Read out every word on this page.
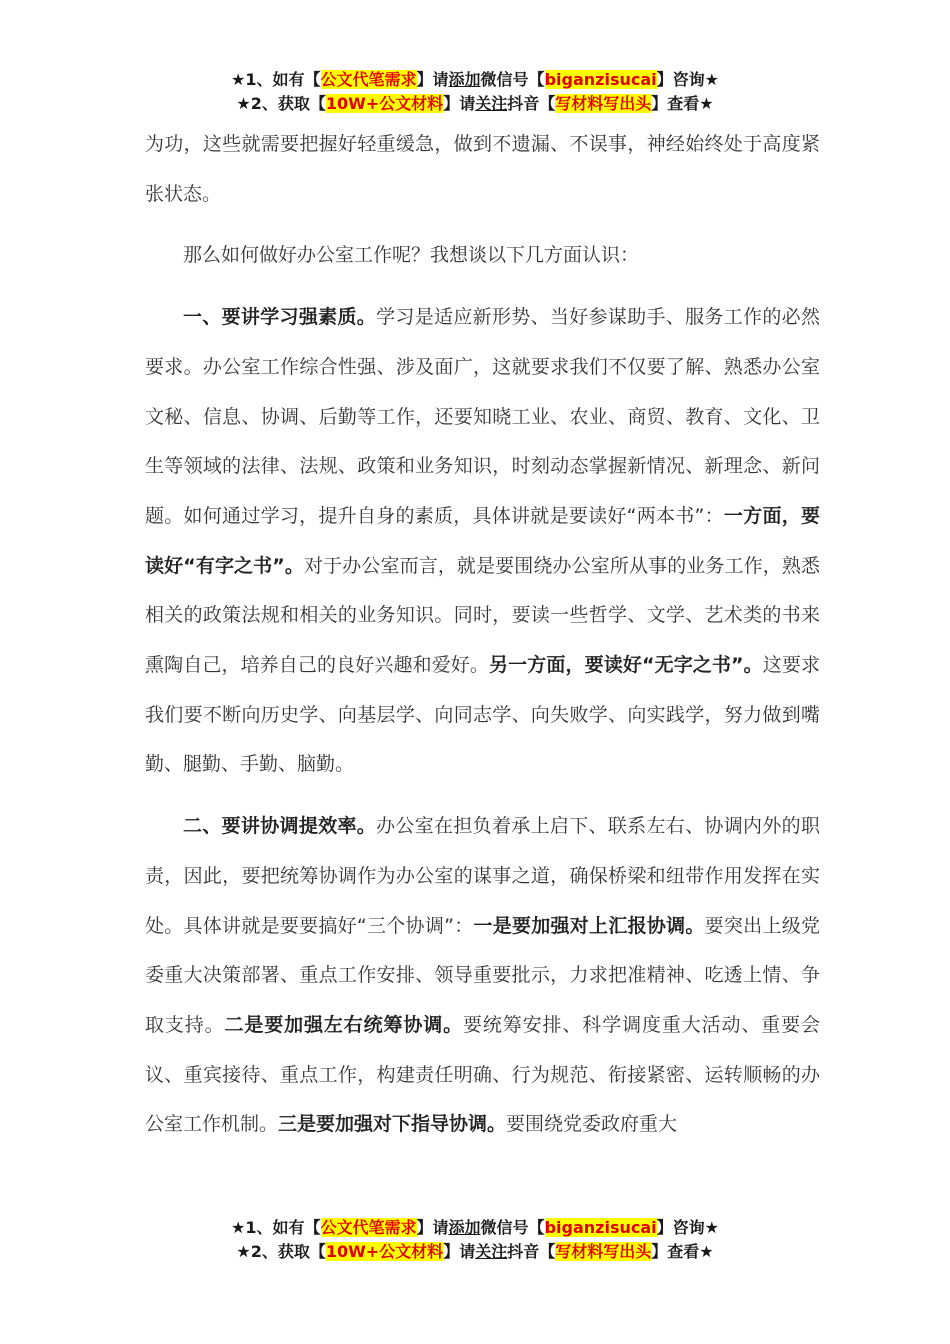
★1、如有【公文代笔需求】请添加微信号【biganzisucai】咨询★
★2、获取【10W+公文材料】请关注抖音【写材料写出头】查看★

为功，这些就需要把握好轻重缓急，做到不遗漏、不误事，神经始终处于高度紧张状态。

那么如何做好办公室工作呢？我想谈以下几方面认识：

一、要讲学习强素质。学习是适应新形势、当好参谋助手、服务工作的必然要求。办公室工作综合性强、涉及面广，这就要求我们不仅要了解、熟悉办公室文秘、信息、协调、后勤等工作，还要知晓工业、农业、商贸、教育、文化、卫生等领域的法律、法规、政策和业务知识，时刻动态掌握新情况、新理念、新问题。如何通过学习，提升自身的素质，具体讲就是要读好“两本书”：一方面，要读好“有字之书”。对于办公室而言，就是要围绕办公室所从事的业务工作，熟悉相关的政策法规和相关的业务知识。同时，要读一些哲学、文学、艺术类的书来熏陶自己，培养自己的良好兴趣和爱好。另一方面，要读好“无字之书”。这要求我们要不断向历史学、向基层学、向同志学、向失败学、向实践学，努力做到嘴勤、腿勤、手勤、脑勤。

二、要讲协调提效率。办公室在担负着承上启下、联系左右、协调内外的职责，因此，要把统筹协调作为办公室的谋事之道，确保桥梁和纽带作用发挥在实处。具体讲就是要要搞好“三个协调”：一是要加强对上汇报协调。要突出上级党委重大决策部署、重点工作安排、领导重要批示，力求把准精神、吃透上情、争取支持。二是要加强左右统筹协调。要统筹安排、科学调度重大活动、重要会议、重宾接待、重点工作，构建责任明确、行为规范、衔接紧密、运转顺畅的办公室工作机制。三是要加强对下指导协调。要围绕党委政府重大

★1、如有【公文代笔需求】请添加微信号【biganzisucai】咨询★
★2、获取【10W+公文材料】请关注抖音【写材料写出头】查看★
